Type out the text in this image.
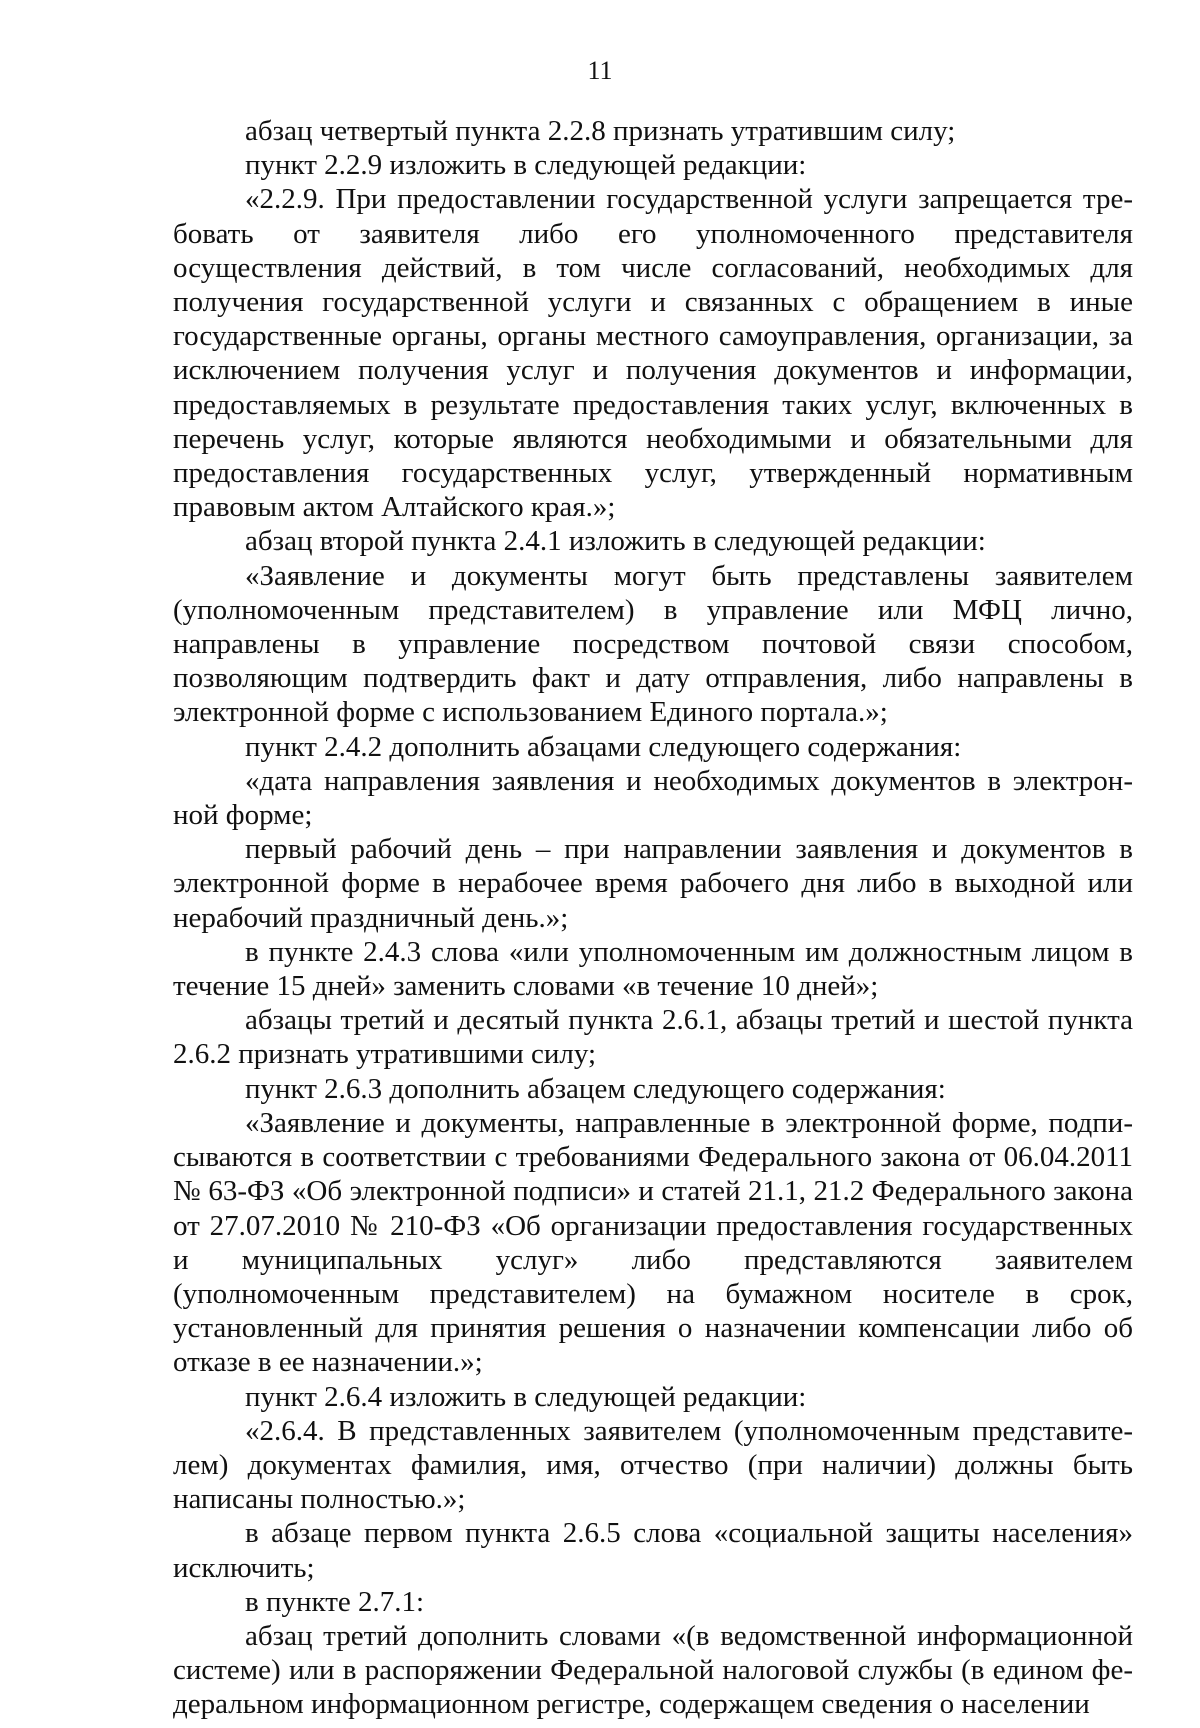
11

абзац четвертый пункта 2.2.8 признать утратившим силу;

пункт 2.2.9 изложить в следующей редакции:

«2.2.9. При предоставлении государственной услуги запрещается требовать от заявителя либо его уполномоченного представителя осуществления действий, в том числе согласований, необходимых для получения государственной услуги и связанных с обращением в иные государственные органы, органы местного самоуправления, организации, за исключением получения услуг и получения документов и информации, предоставляемых в результате предоставления таких услуг, включенных в перечень услуг, которые являются необходимыми и обязательными для предоставления государственных услуг, утвержденный нормативным правовым актом Алтайского края.»;

абзац второй пункта 2.4.1 изложить в следующей редакции:

«Заявление и документы могут быть представлены заявителем (уполномоченным представителем) в управление или МФЦ лично, направлены в управление посредством почтовой связи способом, позволяющим подтвердить факт и дату отправления, либо направлены в электронной форме с использованием Единого портала.»;

пункт 2.4.2 дополнить абзацами следующего содержания:

«дата направления заявления и необходимых документов в электронной форме;

первый рабочий день – при направлении заявления и документов в электронной форме в нерабочее время рабочего дня либо в выходной или нерабочий праздничный день.»;

в пункте 2.4.3 слова «или уполномоченным им должностным лицом в течение 15 дней» заменить словами «в течение 10 дней»;

абзацы третий и десятый пункта 2.6.1, абзацы третий и шестой пункта 2.6.2 признать утратившими силу;

пункт 2.6.3 дополнить абзацем следующего содержания:

«Заявление и документы, направленные в электронной форме, подписываются в соответствии с требованиями Федерального закона от 06.04.2011 № 63-ФЗ «Об электронной подписи» и статей 21.1, 21.2 Федерального закона от 27.07.2010 № 210-ФЗ «Об организации предоставления государственных и муниципальных услуг» либо представляются заявителем (уполномоченным представителем) на бумажном носителе в срок, установленный для принятия решения о назначении компенсации либо об отказе в ее назначении.»;

пункт 2.6.4 изложить в следующей редакции:

«2.6.4. В представленных заявителем (уполномоченным представителем) документах фамилия, имя, отчество (при наличии) должны быть написаны полностью.»;

в абзаце первом пункта 2.6.5 слова «социальной защиты населения» исключить;

в пункте 2.7.1:

абзац третий дополнить словами «(в ведомственной информационной системе) или в распоряжении Федеральной налоговой службы (в едином федеральном информационном регистре, содержащем сведения о населении
